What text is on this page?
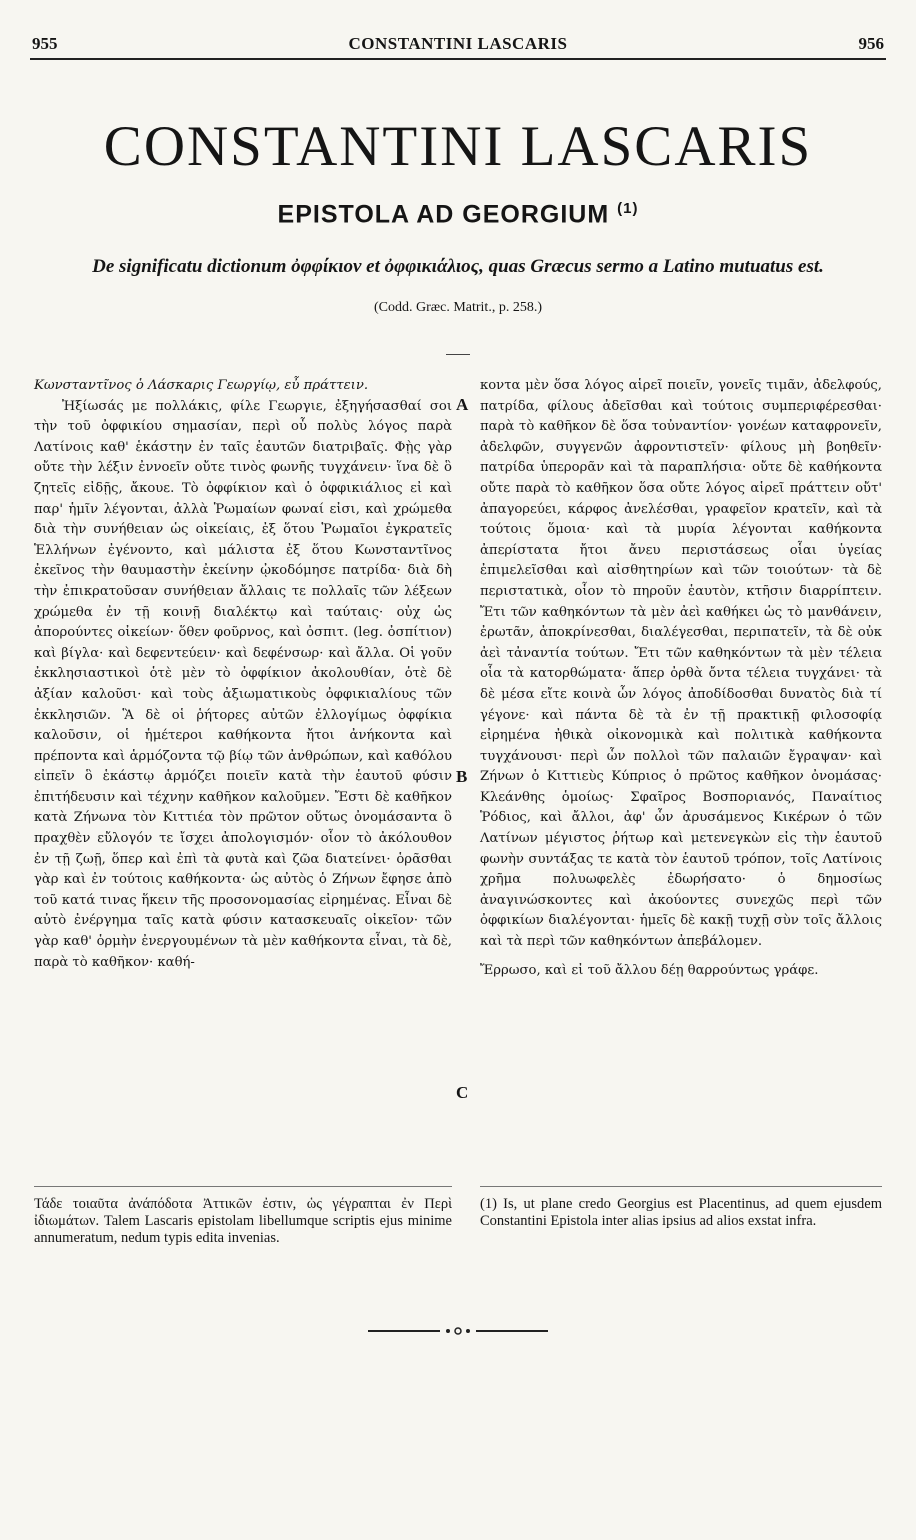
955	CONSTANTINI LASCARIS	956
CONSTANTINI LASCARIS
EPISTOLA AD GEORGIUM $^{(1)}$
De significatu dictionum ὀφφίκιον et ὀφφικιάλιος, quas Græcus sermo a Latino mutuatus est.
(Codd. Græc. Matrit., p. 258.)

Κωνσταντῖνος ὁ Λάσκαρις Γεωργίῳ, εὖ πράττειν.

Ἠξίωσάς με πολλάκις, φίλε Γεωργιε, ἐξηγήσασθαί σοι τὴν τοῦ ὀφφικίου σημασίαν, περὶ οὗ πολὺς λόγος παρὰ Λατίνοις καθ' ἑκάστην ἐν ταῖς ἑαυτῶν διατριβαῖς. Φῂς γὰρ οὔτε τὴν λέξιν ἐννοεῖν οὔτε τινὸς φωνῆς τυγχάνειν· ἵνα δὲ ὃ ζητεῖς εἰδῇς, ἄκουε. Τὸ ὀφφίκιον καὶ ὁ ὀφφικιάλιος εἰ καὶ παρ' ἡμῖν λέγονται, ἀλλὰ Ῥωμαίων φωναί εἰσι, καὶ χρώμεθα διὰ τὴν συνήθειαν ὡς οἰκείαις, ἐξ ὅτου Ῥωμαῖοι ἐγκρατεῖς Ἑλλήνων ἐγένοντο, καὶ μάλιστα ἐξ ὅτου Κωνσταντῖνος ἐκεῖνος τὴν θαυμαστὴν ἐκείνην ᾠκοδόμησε πατρίδα· διὰ δὴ τὴν ἐπικρατοῦσαν συνήθειαν ἄλλαις τε πολλαῖς τῶν λέξεων χρώμεθα ἐν τῇ κοινῇ διαλέκτῳ καὶ ταύταις· οὐχ ὡς ἀπορούντες οἰκείων· ὅθεν φοῦρνος, καὶ ὀσπιτ. (leg. ὀσπίτιον) καὶ βίγλα· καὶ δεφεντεύειν· καὶ δεφένσωρ· καὶ ἄλλα. Οἱ γοῦν ἐκκλησιαστικοὶ ὁτὲ μὲν τὸ ὀφφίκιον ἀκολουθίαν, ὁτὲ δὲ ἀξίαν καλοῦσι· καὶ τοὺς ἀξιωματικοὺς ὀφφικιαλίους τῶν ἐκκλησιῶν. Ἃ δὲ οἱ ῥήτορες αὐτῶν ἐλλογίμως ὀφφίκια καλοῦσιν, οἱ ἡμέτεροι καθήκοντα ἤτοι ἀνήκοντα καὶ πρέποντα καὶ ἁρμόζοντα τῷ βίῳ τῶν ἀνθρώπων, καὶ καθόλου εἰπεῖν ὃ ἑκάστῳ ἁρμόζει ποιεῖν κατὰ τὴν ἑαυτοῦ φύσιν ἐπιτήδευσιν καὶ τέχνην καθῆκον καλοῦμεν. Ἔστι δὲ καθῆκον κατὰ Ζήνωνα τὸν Κιττιέα τὸν πρῶτον οὕτως ὀνομάσαντα ὃ πραχθὲν εὔλογόν τε ἴσχει ἀπολογισμόν· οἷον τὸ ἀκόλουθον ἐν τῇ ζωῇ, ὅπερ καὶ ἐπὶ τὰ φυτὰ καὶ ζῶα διατείνει· ὁρᾶσθαι γὰρ καὶ ἐν τούτοις καθήκοντα· ὡς αὐτὸς ὁ Ζήνων ἔφησε ἀπὸ τοῦ κατά τινας ἥκειν τῆς προσονομασίας εἰρημένας. Εἶναι δὲ αὐτὸ ἐνέργημα ταῖς κατὰ φύσιν κατασκευαῖς οἰκεῖον· τῶν γὰρ καθ' ὁρμὴν ἐνεργουμένων τὰ μὲν καθήκοντα εἶναι, τὰ δὲ, παρὰ τὸ καθῆκον· καθή-

A
B
C

κοντα μὲν ὅσα λόγος αἱρεῖ ποιεῖν, γονεῖς τιμᾶν, ἀδελφούς, πατρίδα, φίλους ἀδεῖσθαι καὶ τούτοις συμπεριφέρεσθαι· παρὰ τὸ καθῆκον δὲ ὅσα τοὐναντίον· γονέων καταφρονεῖν, ἀδελφῶν, συγγενῶν ἀφροντιστεῖν· φίλους μὴ βοηθεῖν· πατρίδα ὑπερορᾶν καὶ τὰ παραπλήσια· οὔτε δὲ καθήκοντα οὔτε παρὰ τὸ καθῆκον ὅσα οὔτε λόγος αἱρεῖ πράττειν οὔτ' ἀπαγορεύει, κάρφος ἀνελέσθαι, γραφεῖον κρατεῖν, καὶ τὰ τούτοις ὅμοια· καὶ τὰ μυρία λέγονται καθήκοντα ἀπερίστατα ἤτοι ἄνευ περιστάσεως οἷαι ὑγείας ἐπιμελεῖσθαι καὶ αἰσθητηρίων καὶ τῶν τοιούτων· τὰ δὲ περιστατικὰ, οἷον τὸ πηροῦν ἑαυτὸν, κτῆσιν διαρρίπτειν. Ἔτι τῶν καθηκόντων τὰ μὲν ἀεὶ καθήκει ὡς τὸ μανθάνειν, ἐρωτᾶν, ἀποκρίνεσθαι, διαλέγεσθαι, περιπατεῖν, τὰ δὲ οὐκ ἀεὶ τἀναντία τούτων. Ἔτι τῶν καθηκόντων τὰ μὲν τέλεια οἷα τὰ κατορθώματα· ἅπερ ὀρθὰ ὄντα τέλεια τυγχάνει· τὰ δὲ μέσα εἴτε κοινὰ ὧν λόγος ἀποδίδοσθαι δυνατὸς διὰ τί γέγονε· καὶ πάντα δὲ τὰ ἐν τῇ πρακτικῇ φιλοσοφίᾳ εἰρημένα ἠθικὰ οἰκονομικὰ καὶ πολιτικὰ καθήκοντα τυγχάνουσι· περὶ ὧν πολλοὶ τῶν παλαιῶν ἔγραψαν· καὶ Ζήνων ὁ Κιττιεὺς Κύπριος ὁ πρῶτος καθῆκον ὀνομάσας· Κλεάνθης ὁμοίως· Σφαῖρος Βοσποριανός, Παναίτιος Ῥόδιος, καὶ ἄλλοι, ἀφ' ὧν ἀρυσάμενος Κικέρων ὁ τῶν Λατίνων μέγιστος ῥήτωρ καὶ μετενεγκὼν εἰς τὴν ἑαυτοῦ φωνὴν συντάξας τε κατὰ τὸν ἑαυτοῦ τρόπον, τοῖς Λατίνοις χρῆμα πολυωφελὲς ἐδωρήσατο· ὁ δημοσίως ἀναγινώσκοντες καὶ ἀκούοντες συνεχῶς περὶ τῶν ὀφφικίων διαλέγονται· ἡμεῖς δὲ κακῇ τυχῇ σὺν τοῖς ἄλλοις καὶ τὰ περὶ τῶν καθηκόντων ἀπεβάλομεν.

Ἔρρωσο, καὶ εἰ τοῦ ἄλλου δέῃ θαρρούντως γράφε.

Τάδε τοιαῦτα ἀνάπόδοτα Ἀττικῶν ἐστιν, ὡς γέγραπται ἐν Περὶ ἰδιωμάτων. Talem Lascaris epistolam libellumque scriptis ejus minime annumeratum, nedum typis edita invenias.
(1) Is, ut plane credo Georgius est Placentinus, ad quem ejusdem Constantini Epistola inter alias ipsius ad alios exstat infra.
